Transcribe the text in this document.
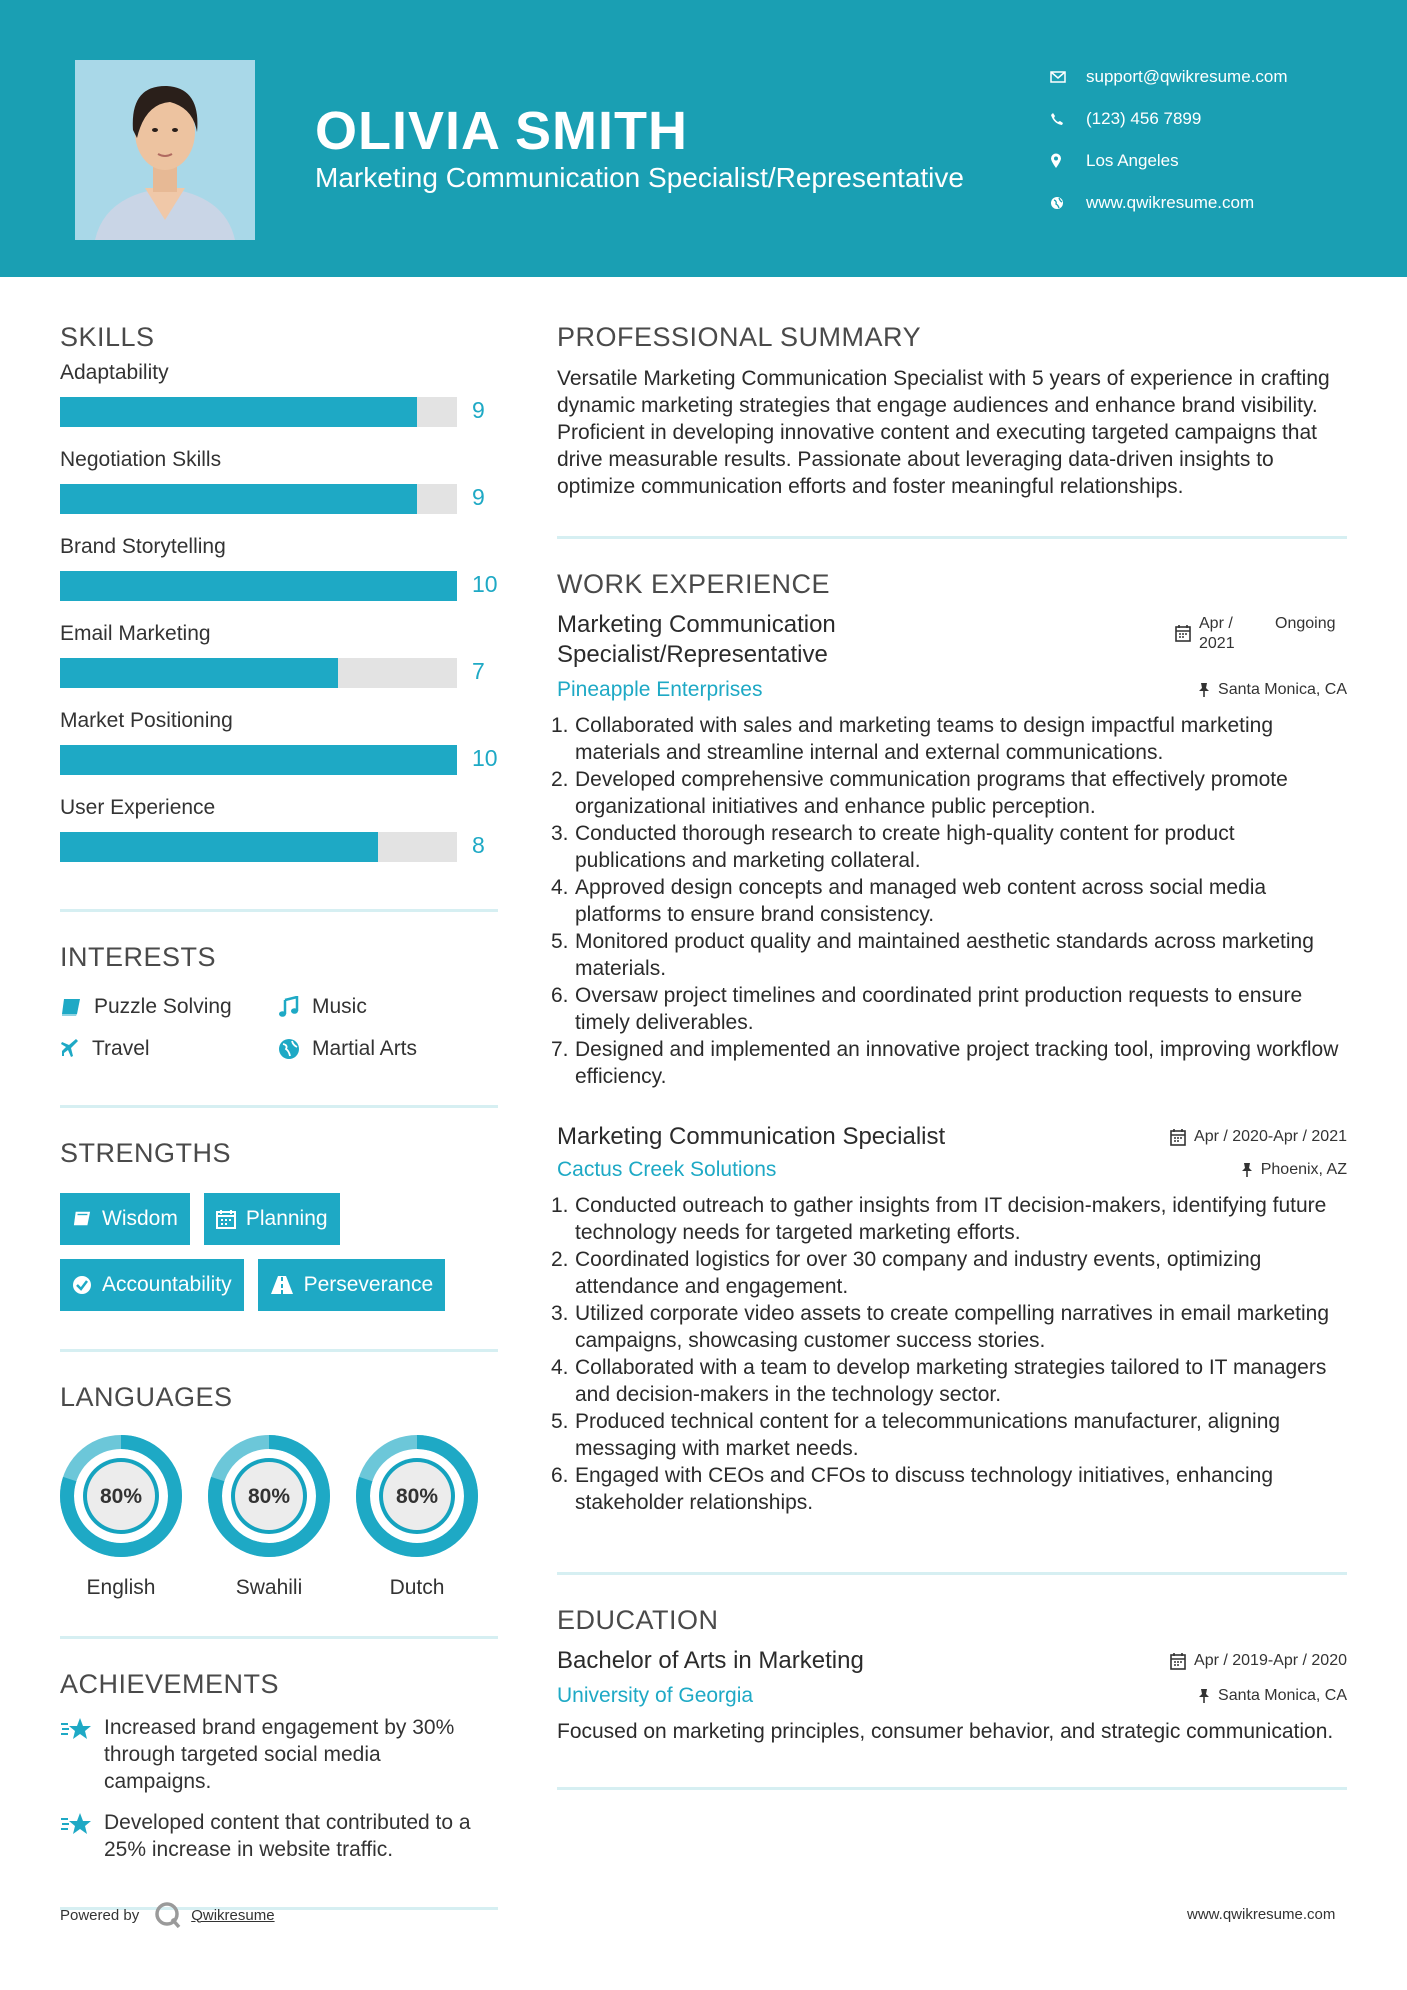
OLIVIA SMITH
Marketing Communication Specialist/Representative
support@qwikresume.com
(123) 456 7899
Los Angeles
www.qwikresume.com
SKILLS
Adaptability
9
Negotiation Skills
9
Brand Storytelling
10
Email Marketing
7
Market Positioning
10
User Experience
8
INTERESTS
Puzzle Solving	Music
Travel	Martial Arts
STRENGTHS
Wisdom	Planning
Accountability	Perseverance
LANGUAGES
80%
English
80%
Swahili
80%
Dutch
ACHIEVEMENTS
Increased brand engagement by 30% through targeted social media campaigns.
Developed content that contributed to a 25% increase in website traffic.
Powered by	Qwikresume
PROFESSIONAL SUMMARY
Versatile Marketing Communication Specialist with 5 years of experience in crafting dynamic marketing strategies that engage audiences and enhance brand visibility. Proficient in developing innovative content and executing targeted campaigns that drive measurable results. Passionate about leveraging data-driven insights to optimize communication efforts and foster meaningful relationships.
WORK EXPERIENCE
Marketing Communication Specialist/Representative
Apr / 2021
Ongoing
Pineapple Enterprises	Santa Monica, CA
1. Collaborated with sales and marketing teams to design impactful marketing materials and streamline internal and external communications.
2. Developed comprehensive communication programs that effectively promote organizational initiatives and enhance public perception.
3. Conducted thorough research to create high-quality content for product publications and marketing collateral.
4. Approved design concepts and managed web content across social media platforms to ensure brand consistency.
5. Monitored product quality and maintained aesthetic standards across marketing materials.
6. Oversaw project timelines and coordinated print production requests to ensure timely deliverables.
7. Designed and implemented an innovative project tracking tool, improving workflow efficiency.
Marketing Communication Specialist	Apr / 2020-Apr / 2021
Cactus Creek Solutions	Phoenix, AZ
1. Conducted outreach to gather insights from IT decision-makers, identifying future technology needs for targeted marketing efforts.
2. Coordinated logistics for over 30 company and industry events, optimizing attendance and engagement.
3. Utilized corporate video assets to create compelling narratives in email marketing campaigns, showcasing customer success stories.
4. Collaborated with a team to develop marketing strategies tailored to IT managers and decision-makers in the technology sector.
5. Produced technical content for a telecommunications manufacturer, aligning messaging with market needs.
6. Engaged with CEOs and CFOs to discuss technology initiatives, enhancing stakeholder relationships.
EDUCATION
Bachelor of Arts in Marketing	Apr / 2019-Apr / 2020
University of Georgia	Santa Monica, CA
Focused on marketing principles, consumer behavior, and strategic communication.
www.qwikresume.com
